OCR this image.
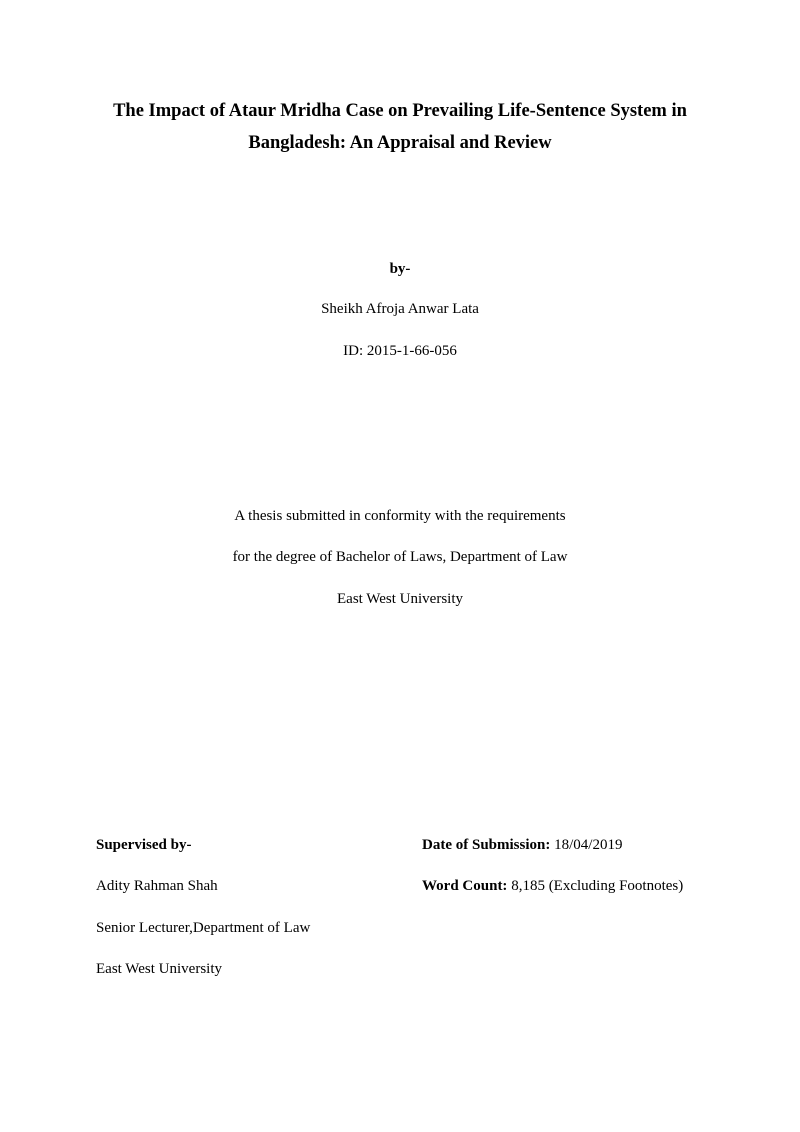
The Impact of Ataur Mridha Case on Prevailing Life-Sentence System in

Bangladesh: An Appraisal and Review

by-

Sheikh Afroja Anwar Lata

ID: 2015-1-66-056

A thesis submitted in conformity with the requirements

for the degree of Bachelor of Laws, Department of Law

East West University

Supervised by-

Adity Rahman Shah

Senior Lecturer,Department of Law

East West University

Date of Submission: 18/04/2019

Word Count: 8,185 (Excluding Footnotes)
